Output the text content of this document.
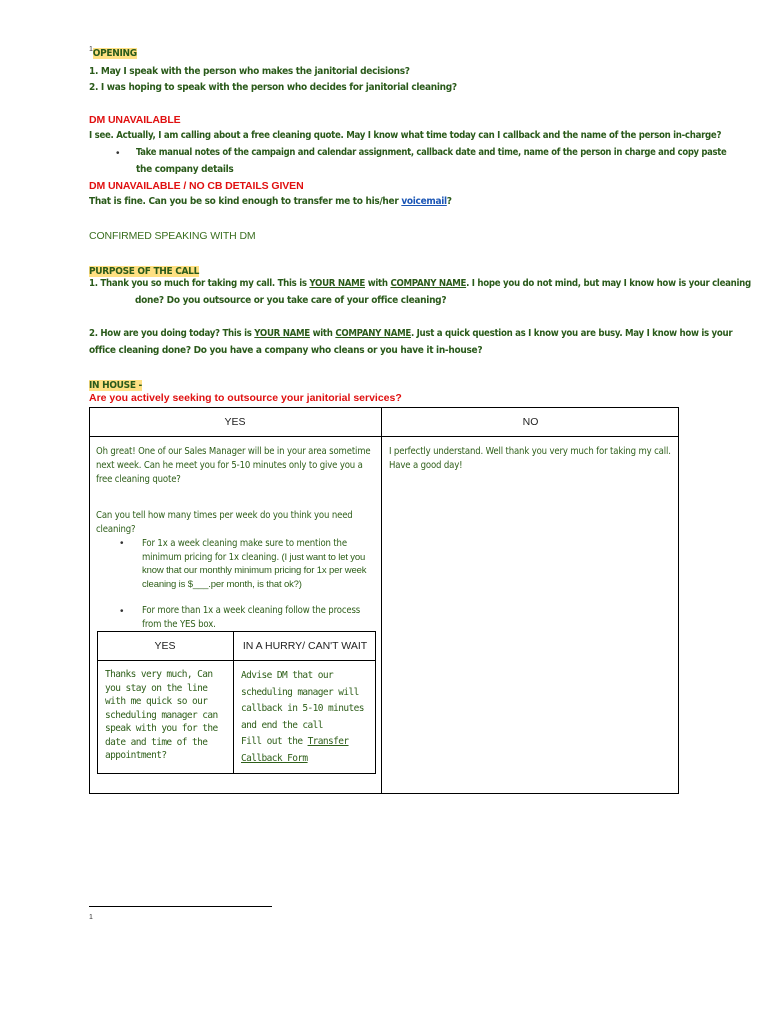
$^1$OPENING
1. May I speak with the person who makes the janitorial decisions?
2. I was hoping to speak with the person who decides for janitorial cleaning?
DM UNAVAILABLE
I see. Actually, I am calling about a free cleaning quote. May I know what time today can I callback and the name of the person in-charge?
• Take manual notes of the campaign and calendar assignment, callback date and time, name of the person in charge and copy paste
the company details
DM UNAVAILABLE / NO CB DETAILS GIVEN
That is fine. Can you be so kind enough to transfer me to his/her voicemail?
CONFIRMED SPEAKING WITH DM
PURPOSE OF THE CALL
1. Thank you so much for taking my call. This is YOUR NAME with COMPANY NAME. I hope you do not mind, but may I know how is your cleaning
done? Do you outsource or you take care of your office cleaning?
2. How are you doing today? This is YOUR NAME with COMPANY NAME. Just a quick question as I know you are busy. May I know how is your
office cleaning done? Do you have a company who cleans or you have it in-house?
IN HOUSE -
Are you actively seeking to outsource your janitorial services?
YES	NO
Oh great! One of our Sales Manager will be in your area sometime next week. Can he meet you for 5-10 minutes only to give you a free cleaning quote?
Can you tell how many times per week do you think you need cleaning?
• For 1x a week cleaning make sure to mention the minimum pricing for 1x cleaning. (I just want to let you know that our monthly minimum pricing for 1x per week cleaning is $___.per month, is that ok?)
• For more than 1x a week cleaning follow the process from the YES box.
I perfectly understand. Well thank you very much for taking my call. Have a good day!
YES	IN A HURRY/ CAN'T WAIT
Thanks very much, Can you stay on the line with me quick so our scheduling manager can speak with you for the date and time of the appointment?
Advise DM that our scheduling manager will callback in 5-10 minutes and end the call
Fill out the Transfer Callback Form
1
